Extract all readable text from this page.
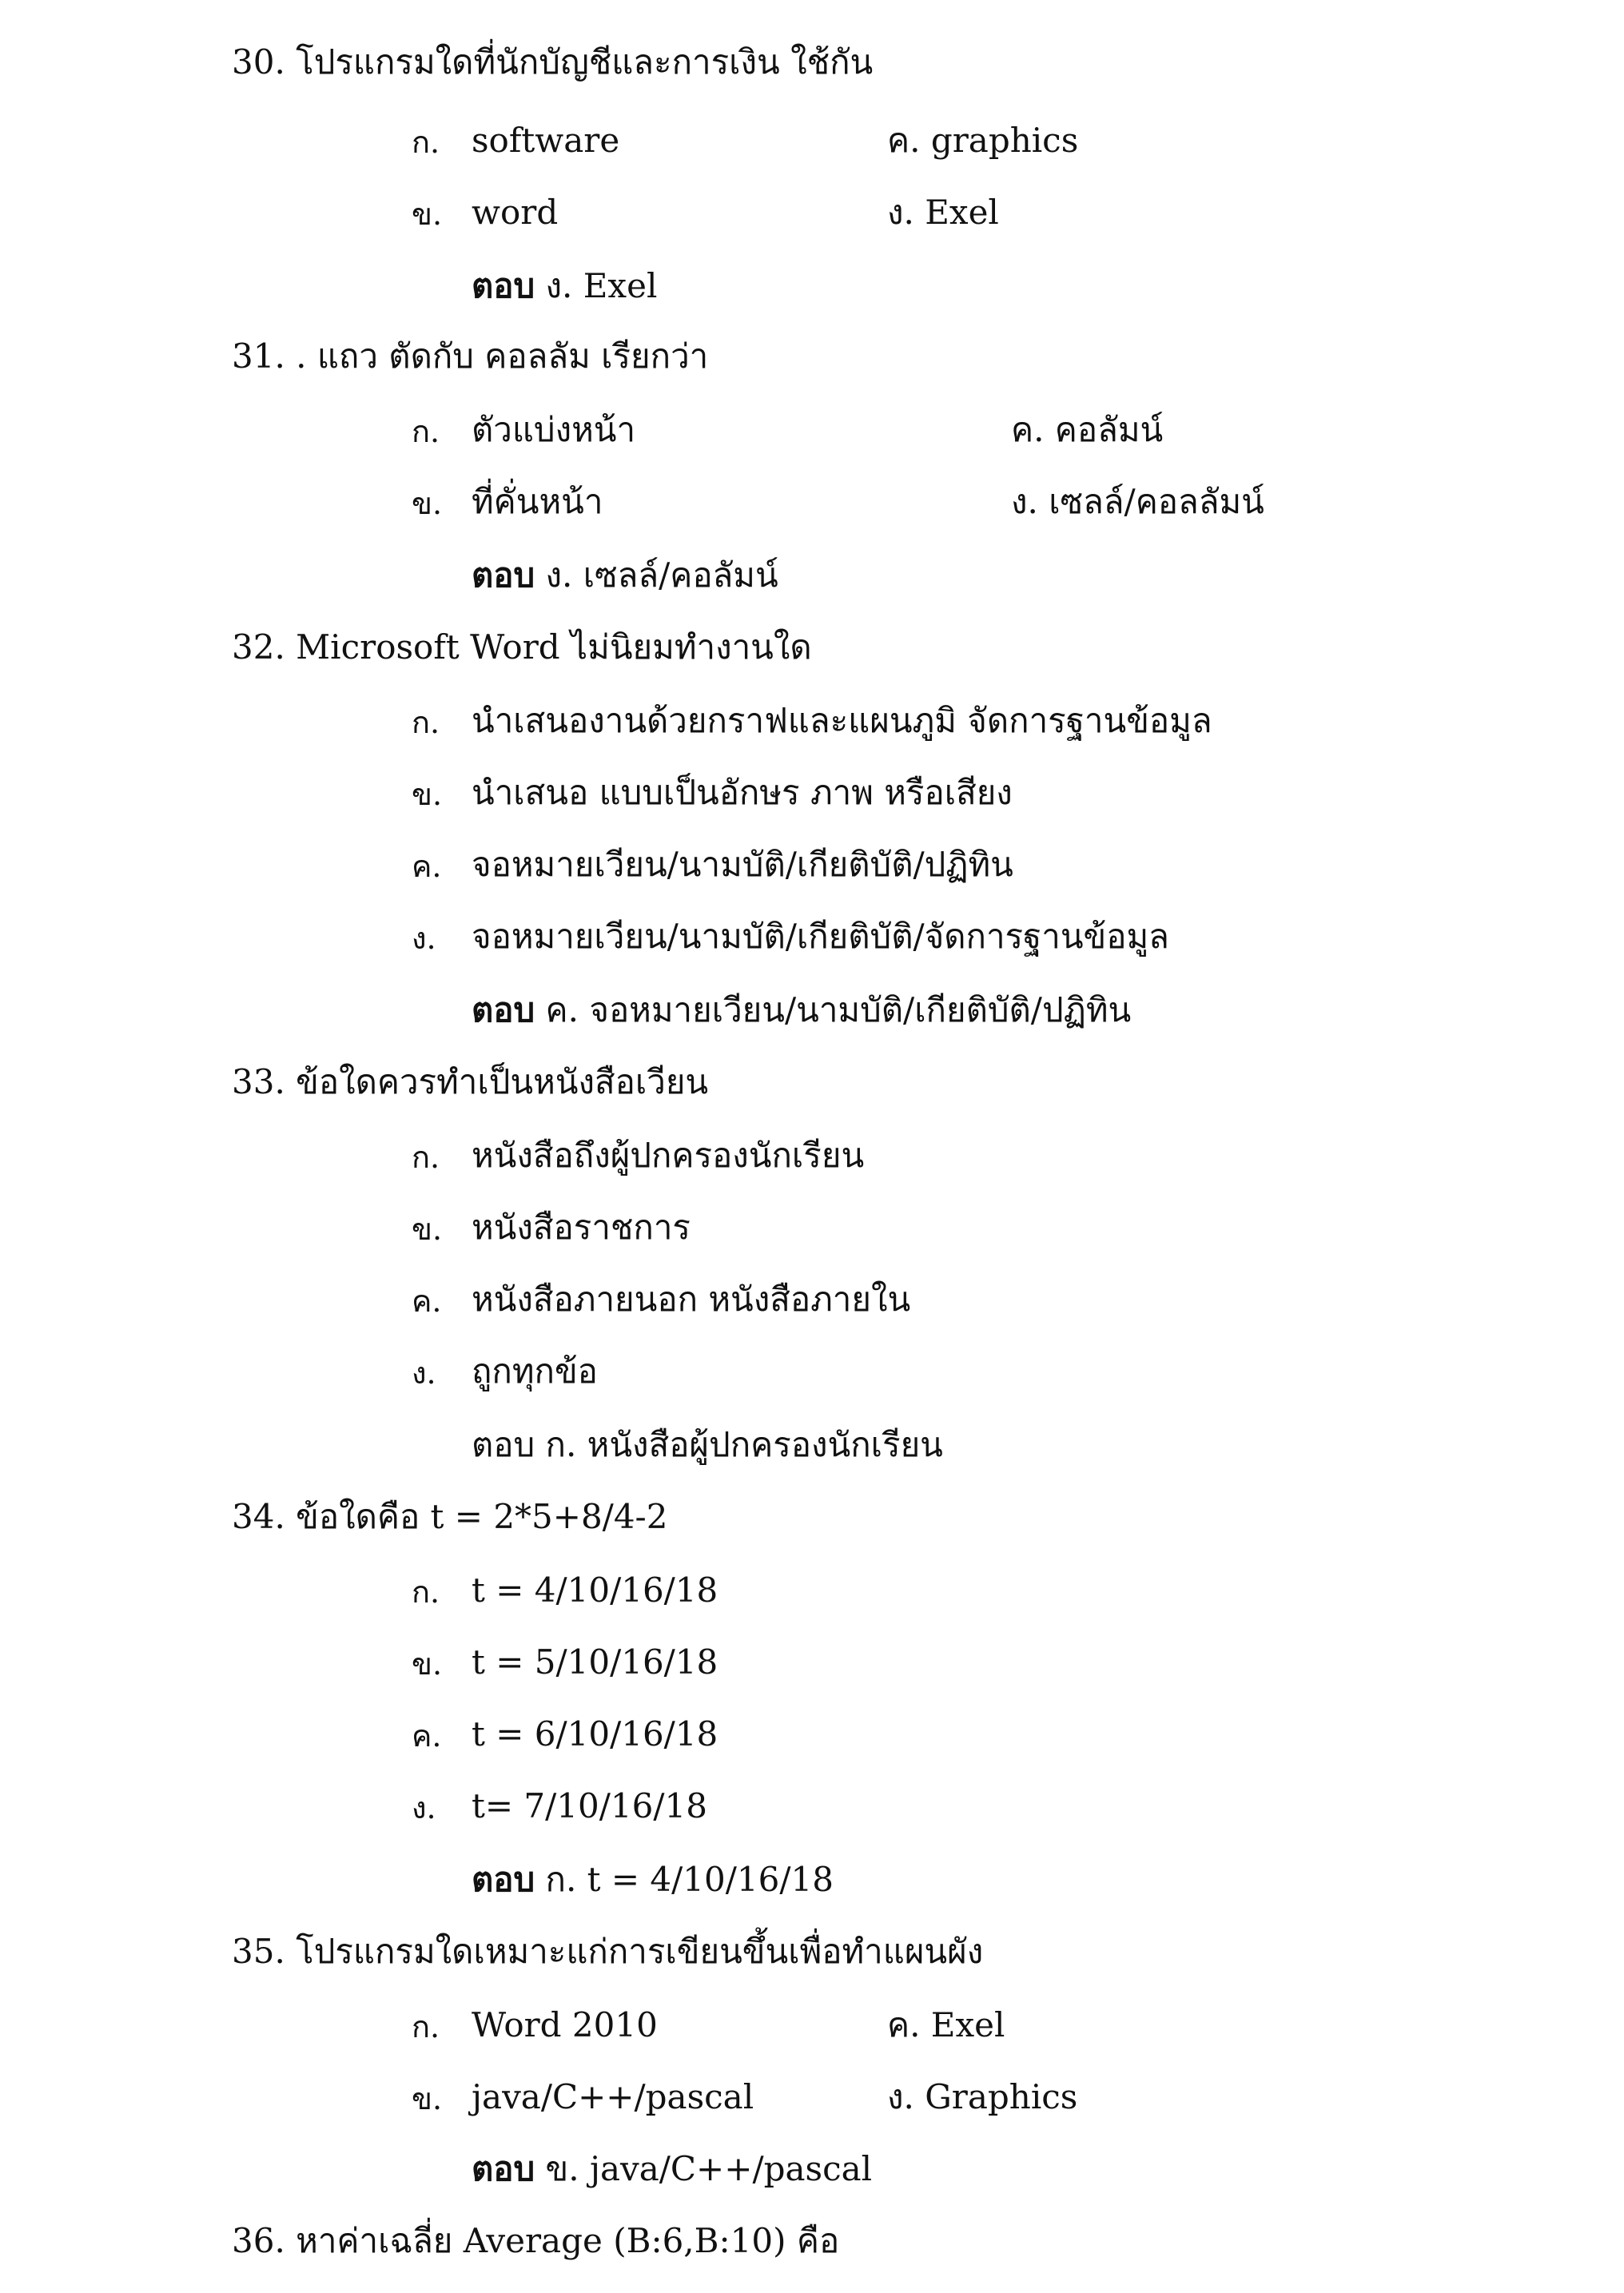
30. โปรแกรมใดที่นักบัญชีและการเงิน ใช้กัน
ก. software	ค. graphics
ข. word	ง. Exel
ตอบ ง. Exel
31. . แถว ตัดกับ คอลลัม เรียกว่า
ก. ตัวแบ่งหน้า	ค. คอลัมน์
ข. ที่คั่นหน้า	ง. เซลล์/คอลลัมน์
ตอบ ง. เซลล์/คอลัมน์
32. Microsoft Word ไม่นิยมทำงานใด
ก. นำเสนองานด้วยกราฟและแผนภูมิ จัดการฐานข้อมูล
ข. นำเสนอ แบบเป็นอักษร ภาพ หรือเสียง
ค. จอหมายเวียน/นามบัติ/เกียติบัติ/ปฏิทิน
ง. จอหมายเวียน/นามบัติ/เกียติบัติ/จัดการฐานข้อมูล
ตอบ ค. จอหมายเวียน/นามบัติ/เกียติบัติ/ปฏิทิน
33. ข้อใดควรทำเป็นหนังสือเวียน
ก. หนังสือถึงผู้ปกครองนักเรียน
ข. หนังสือราชการ
ค. หนังสือภายนอก หนังสือภายใน
ง. ถูกทุกข้อ
ตอบ ก. หนังสือผู้ปกครองนักเรียน
34. ข้อใดคือ t = 2*5+8/4-2
ก. t = 4/10/16/18
ข. t = 5/10/16/18
ค. t = 6/10/16/18
ง. t= 7/10/16/18
ตอบ ก. t = 4/10/16/18
35. โปรแกรมใดเหมาะแก่การเขียนขึ้นเพื่อทำแผนผัง
ก. Word 2010	ค. Exel
ข. java/C++/pascal	ง. Graphics
ตอบ ข. java/C++/pascal
36. หาค่าเฉลี่ย Average (B:6,B:10) คือ
